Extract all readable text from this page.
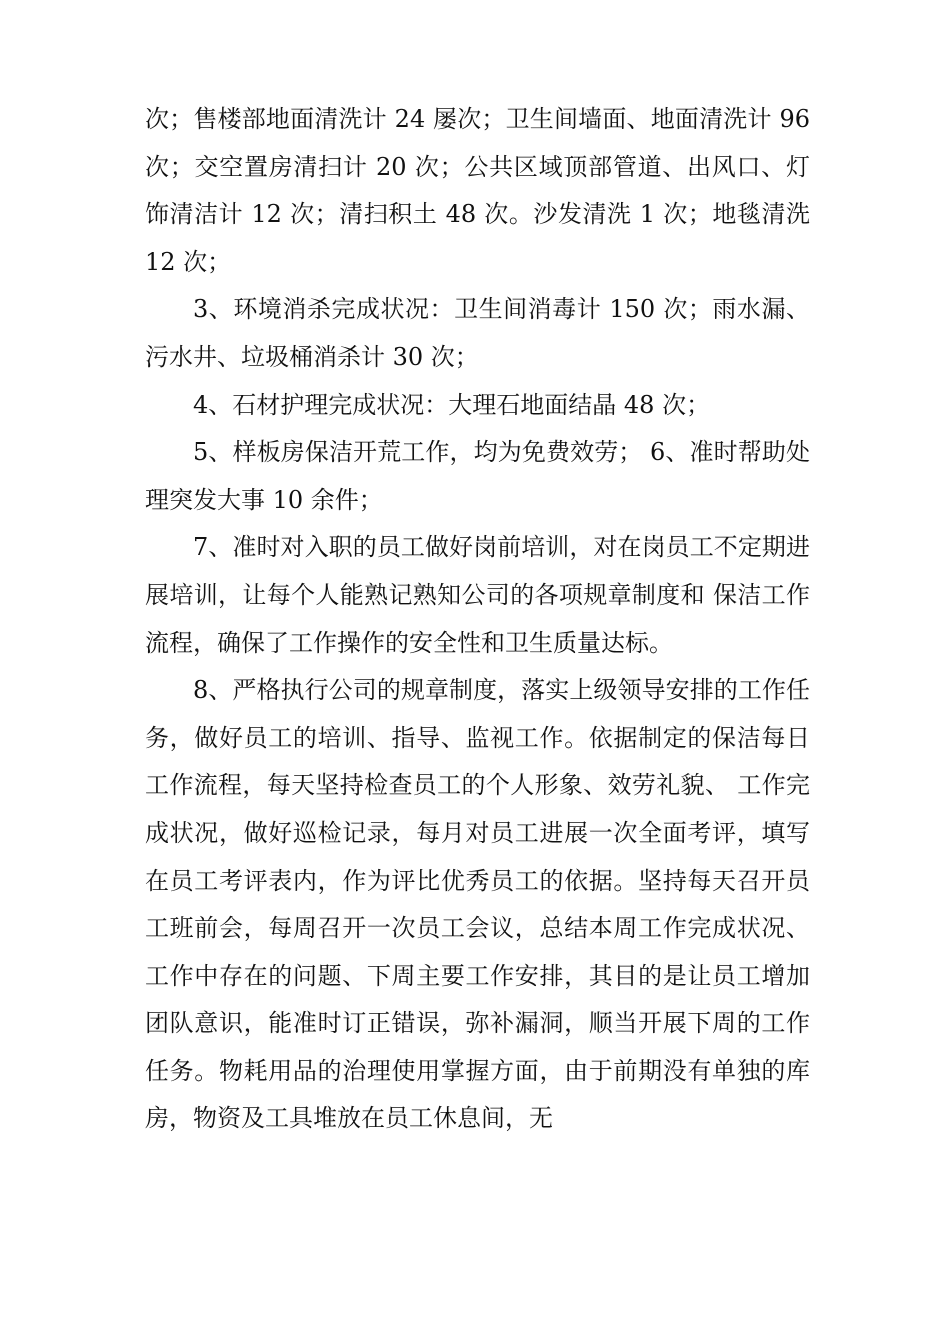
次；售楼部地面清洗计 24 屡次；卫生间墙面、地面清洗计 96 次；交空置房清扫计 20 次；公共区域顶部管道、出风口、灯饰清洁计 12 次；清扫积土 48 次。沙发清洗 1 次；地毯清洗 12 次；

3、环境消杀完成状况：卫生间消毒计 150 次；雨水漏、污水井、垃圾桶消杀计 30 次；

4、石材护理完成状况：大理石地面结晶 48 次；

5、样板房保洁开荒工作，均为免费效劳； 6、准时帮助处理突发大事 10 余件；

7、准时对入职的员工做好岗前培训，对在岗员工不定期进展培训，让每个人能熟记熟知公司的各项规章制度和 保洁工作流程，确保了工作操作的安全性和卫生质量达标。

8、严格执行公司的规章制度，落实上级领导安排的工作任务，做好员工的培训、指导、监视工作。依据制定的保洁每日工作流程，每天坚持检查员工的个人形象、效劳礼貌、 工作完成状况，做好巡检记录，每月对员工进展一次全面考评，填写在员工考评表内，作为评比优秀员工的依据。坚持每天召开员工班前会，每周召开一次员工会议，总结本周工作完成状况、工作中存在的问题、下周主要工作安排，其目的是让员工增加团队意识，能准时订正错误，弥补漏洞，顺当开展下周的工作任务。物耗用品的治理使用掌握方面，由于前期没有单独的库房，物资及工具堆放在员工休息间，无
